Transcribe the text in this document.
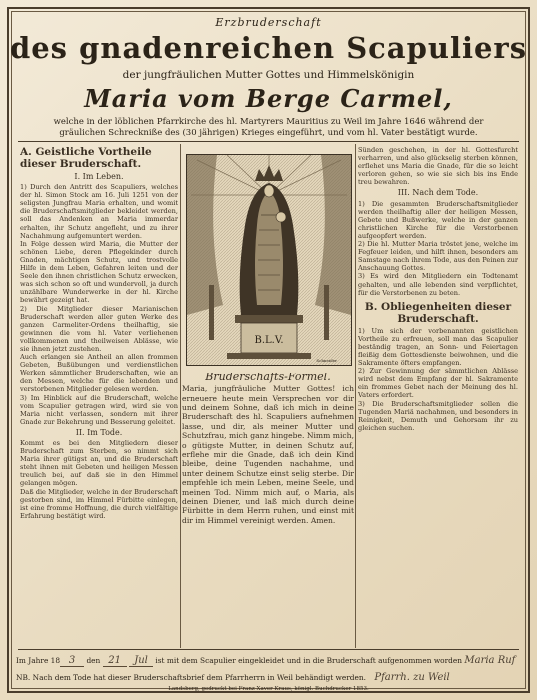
Erzbruderschaft
des gnadenreichen Scapuliers
der jungfräulichen Mutter Gottes und Himmelskönigin
Maria vom Berge Carmel,
welche in der löblichen Pfarrkirche des hl. Martyrers Mauritius zu Weil im Jahre 1646 während der
gräulichen Schreckniße des (30 jährigen) Krieges eingeführt, und vom hl. Vater bestätigt wurde.
A. Geistliche Vortheile dieser Bruderschaft.
I. Im Leben.

1) Durch den Antritt des Scapuliers, welches der hl. Simon Stock am 16. Juli 1251 von der seligsten Jungfrau Maria erhalten, und womit die Bruderschaftsmitglieder bekleidet werden, soll das Andenken an Maria immerdar erhalten, ihr Schutz angefleht, und zu ihrer Nachahmung aufgemuntert werden.

In Folge dessen wird Maria, die Mutter der schönen Liebe, deren Pflegekinder durch Gnaden, mächtigen Schutz, und trostvolle Hilfe in dem Leben, Gefahren leiten und der Seele den ihnen christlichen Schutz erwecken, was sich schon so oft und wundervoll, ja durch unzählbare Wunderwerke in der hl. Kirche bewährt gezeigt hat.

2) Die Mitglieder dieser Marianischen Bruderschaft werden aller guten Werke des ganzen Carmeliter-Ordens theilhaftig, sie gewinnen die vom hl. Vater verliehenen vollkommenen und theilweisen Ablässe, wie sie ihnen jetzt zustehen.

Auch erlangen sie Antheil an allen frommen Gebeten, Bußübungen und verdienstlichen Werken sämmtlicher Bruderschaften, wie an den Messen, welche für die lebenden und verstorbenen Mitglieder gelesen werden.

3) Im Hinblick auf die Bruderschaft, welche vom Scapulier getragen wird, wird sie von Maria nicht verlassen, sondern mit ihrer Gnade zur Bekehrung und Besserung geleitet.

II. Im Tode.

Kommt es bei den Mitgliedern dieser Bruderschaft zum Sterben, so nimmt sich Maria ihrer gütigst an, und die Bruderschaft steht ihnen mit Gebeten und heiligen Messen treulich bei, auf daß sie in den Himmel gelangen mögen.

Daß die Mitglieder, welche in der Bruderschaft gestorben sind, im Himmel Fürbitte einlegen, ist eine fromme Hoffnung, die durch vielfältige Erfahrung bestätigt wird.

B.L.V.
Schneider
Bruderschafts-Formel.

Maria, jungfräuliche Mutter Gottes! ich erneuere heute mein Versprechen vor dir und deinem Sohne, daß ich mich in deine Bruderschaft des hl. Scapuliers aufnehmen lasse, und dir, als meiner Mutter und Schutzfrau, mich ganz hingebe. Nimm mich, o gütigste Mutter, in deinen Schutz auf, erflehe mir die Gnade, daß ich dein Kind bleibe, deine Tugenden nachahme, und unter deinem Schutze einst selig sterbe. Dir empfehle ich mein Leben, meine Seele, und meinen Tod. Nimm mich auf, o Maria, als deinen Diener, und laß mich durch deine Fürbitte in dem Herrn ruhen, und einst mit dir im Himmel vereinigt werden. Amen.

Sünden geschehen, in der hl. Gottesfurcht verharren, und also glückselig sterben können, erflehet uns Maria die Gnade, für die so leicht verloren gehen, so wie sie sich bis ins Ende treu bewahren.

III. Nach dem Tode.

1) Die gesammten Bruderschaftsmitglieder werden theilhaftig aller der heiligen Messen, Gebete und Bußwerke, welche in der ganzen christlichen Kirche für die Verstorbenen aufgeopfert werden.

2) Die hl. Mutter Maria tröstet jene, welche im Fegfeuer leiden, und hilft ihnen, besonders am Samstage nach ihrem Tode, aus den Peinen zur Anschauung Gottes.

3) Es wird den Mitgliedern ein Todtenamt gehalten, und alle lebenden sind verpflichtet, für die Verstorbenen zu beten.

B. Obliegenheiten dieser Bruderschaft.

1) Um sich der vorbenannten geistlichen Vortheile zu erfreuen, soll man das Scapulier beständig tragen, an Sonn- und Feiertagen fleißig dem Gottesdienste beiwohnen, und die Sakramente öfters empfangen.

2) Zur Gewinnung der sämmtlichen Ablässe wird nebst dem Empfang der hl. Sakramente ein frommes Gebet nach der Meinung des hl. Vaters erfordert.

3) Die Bruderschaftsmitglieder sollen die Tugenden Mariä nachahmen, und besonders in Reinigkeit, Demuth und Gehorsam ihr zu gleichen suchen.

Im Jahre 18 3 den 21 Jul ist mit dem Scapulier eingekleidet und in die Bruderschaft aufgenommen worden Maria Ruf
NB. Nach dem Tode hat dieser Bruderschaftsbrief dem Pfarrherrn in Weil behändigt werden. Pfarrh. zu Weil
Landsberg, gedruckt bei Franz Xaver Kraus, königl. Buchdrucker 1853.
